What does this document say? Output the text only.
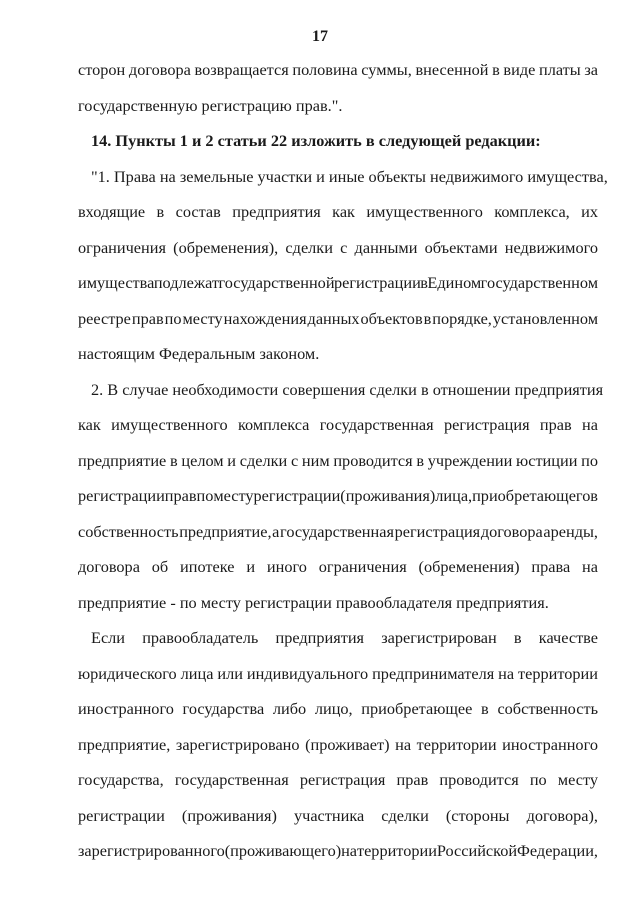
17
сторон договора возвращается половина суммы, внесенной в виде платы за
государственную регистрацию прав.".
14. Пункты 1 и 2 статьи 22 изложить в следующей редакции:
"1. Права на земельные участки и иные объекты недвижимого имущества,
входящие в состав предприятия как имущественного комплекса, их
ограничения (обременения), сделки с данными объектами недвижимого
имущества подлежат государственной регистрации в Едином государственном
реестре прав по месту нахождения данных объектов в порядке, установленном
настоящим Федеральным законом.
2. В случае необходимости совершения сделки в отношении предприятия
как имущественного комплекса государственная регистрация прав на
предприятие в целом и сделки с ним проводится в учреждении юстиции по
регистрации прав по месту регистрации (проживания) лица, приобретающего в
собственность предприятие, а государственная регистрация договора аренды,
договора об ипотеке и иного ограничения (обременения) права на
предприятие - по месту регистрации правообладателя предприятия.
Если правообладатель предприятия зарегистрирован в качестве
юридического лица или индивидуального предпринимателя на территории
иностранного государства либо лицо, приобретающее в собственность
предприятие, зарегистрировано (проживает) на территории иностранного
государства, государственная регистрация прав проводится по месту
регистрации (проживания) участника сделки (стороны договора),
зарегистрированного (проживающего) на территории Российской Федерации,
